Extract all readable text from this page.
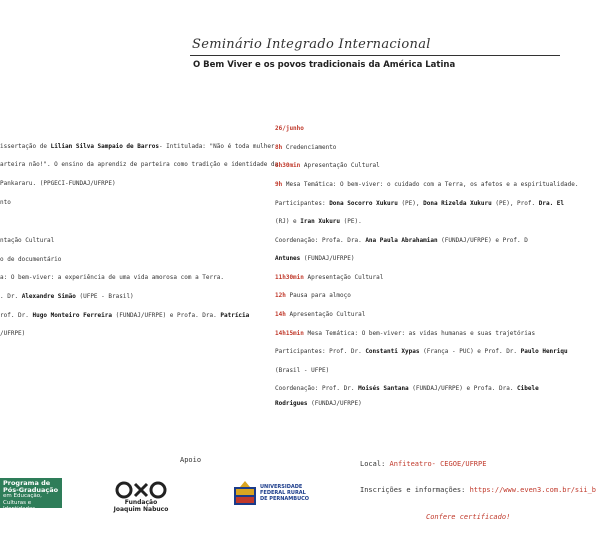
Seminário Integrado Internacional
O Bem Viver e os povos tradicionais da América Latina
issertação de Lilian Silva Sampaio de Barros- Intitulada: "Não é toda mulher
arteira não!". O ensino da aprendiz de parteira como tradição e identidade da
Pankararu. (PPGECI-FUNDAJ/UFRPE)
nto
ntação Cultural
o de documentário
a: O bem-viver: a experiência de uma vida amorosa com a Terra.
. Dr. Alexandre Simão (UFPE - Brasil)
rof. Dr. Hugo Monteiro Ferreira (FUNDAJ/UFRPE) e Profa. Dra. Patrícia
/UFRPE)
26/junho
8h Credenciamento
8h30min Apresentação Cultural
9h Mesa Temática: O bem-viver: o cuidado com a Terra, os afetos e a espiritualidade.
Participantes: Dona Socorro Xukuru (PE), Dona Rizelda Xukuru (PE), Prof. Dra. El
(RJ) e Iran Xukuru (PE).
Coordenação: Profa. Dra. Ana Paula Abrahamian (FUNDAJ/UFRPE) e Prof. D
Antunes (FUNDAJ/UFRPE)
11h30min Apresentação Cultural
12h Pausa para almoço
14h Apresentação Cultural
14h15min Mesa Temática: O bem-viver: as vidas humanas e suas trajetórias
Participantes: Prof. Dr. Constanti Xypas (França - PUC) e Prof. Dr. Paulo Henriqu
(Brasil - UFPE)
Coordenação: Prof. Dr. Moisés Santana (FUNDAJ/UFRPE) e Profa. Dra. Cibele
Rodrigues (FUNDAJ/UFRPE)
Apoio
Programa de
Pós-Graduação
em Educação,
Culturas e Identidades
Fundação
Joaquim Nabuco
UNIVERSIDADE
FEDERAL RURAL
DE PERNAMBUCO
Local: Anfiteatro- CEGOE/UFRPE
Inscrições e informações: https://www.even3.com.br/sii_b
Confere certificado!
